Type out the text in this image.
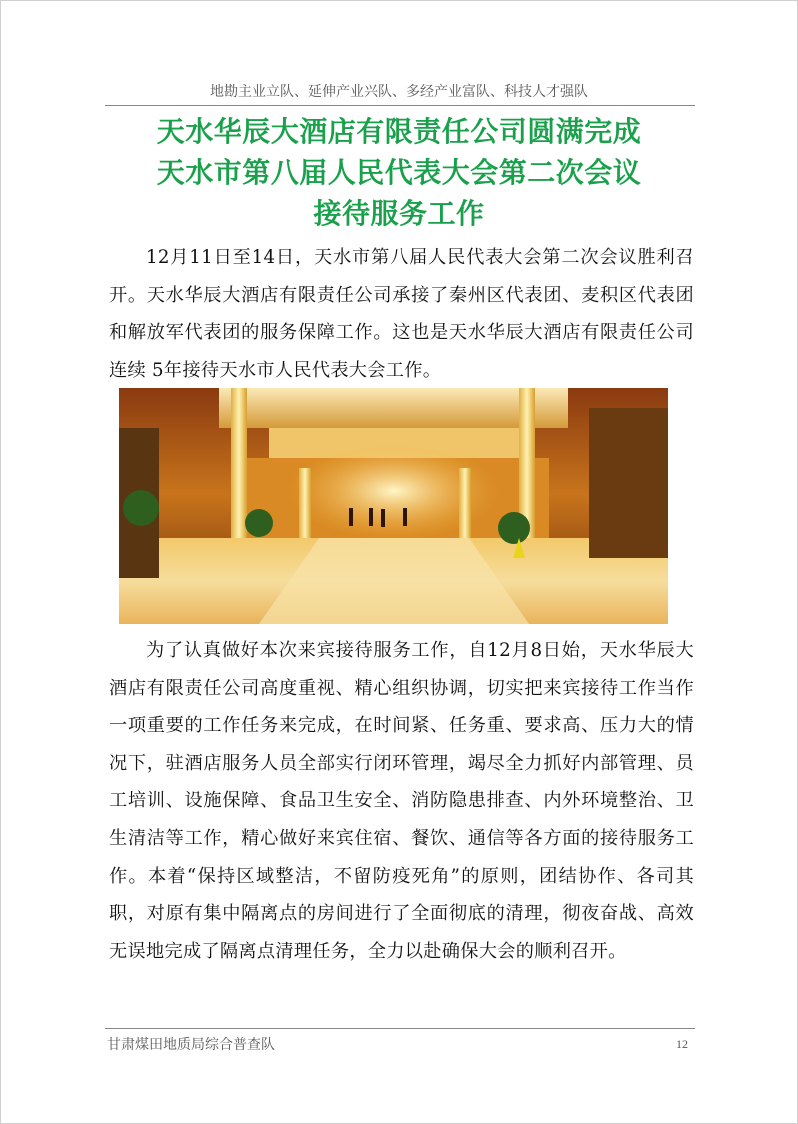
地勘主业立队、延伸产业兴队、多经产业富队、科技人才强队
天水华辰大酒店有限责任公司圆满完成
天水市第八届人民代表大会第二次会议
接待服务工作
12月11日至14日，天水市第八届人民代表大会第二次会议胜利召开。天水华辰大酒店有限责任公司承接了秦州区代表团、麦积区代表团和解放军代表团的服务保障工作。这也是天水华辰大酒店有限责任公司连续 5年接待天水市人民代表大会工作。
为了认真做好本次来宾接待服务工作，自12月8日始，天水华辰大酒店有限责任公司高度重视、精心组织协调，切实把来宾接待工作当作一项重要的工作任务来完成，在时间紧、任务重、要求高、压力大的情况下，驻酒店服务人员全部实行闭环管理，竭尽全力抓好内部管理、员工培训、设施保障、食品卫生安全、消防隐患排查、内外环境整治、卫生清洁等工作，精心做好来宾住宿、餐饮、通信等各方面的接待服务工作。本着“保持区域整洁，不留防疫死角”的原则，团结协作、各司其职，对原有集中隔离点的房间进行了全面彻底的清理，彻夜奋战、高效无误地完成了隔离点清理任务，全力以赴确保大会的顺利召开。
甘肃煤田地质局综合普查队	12
